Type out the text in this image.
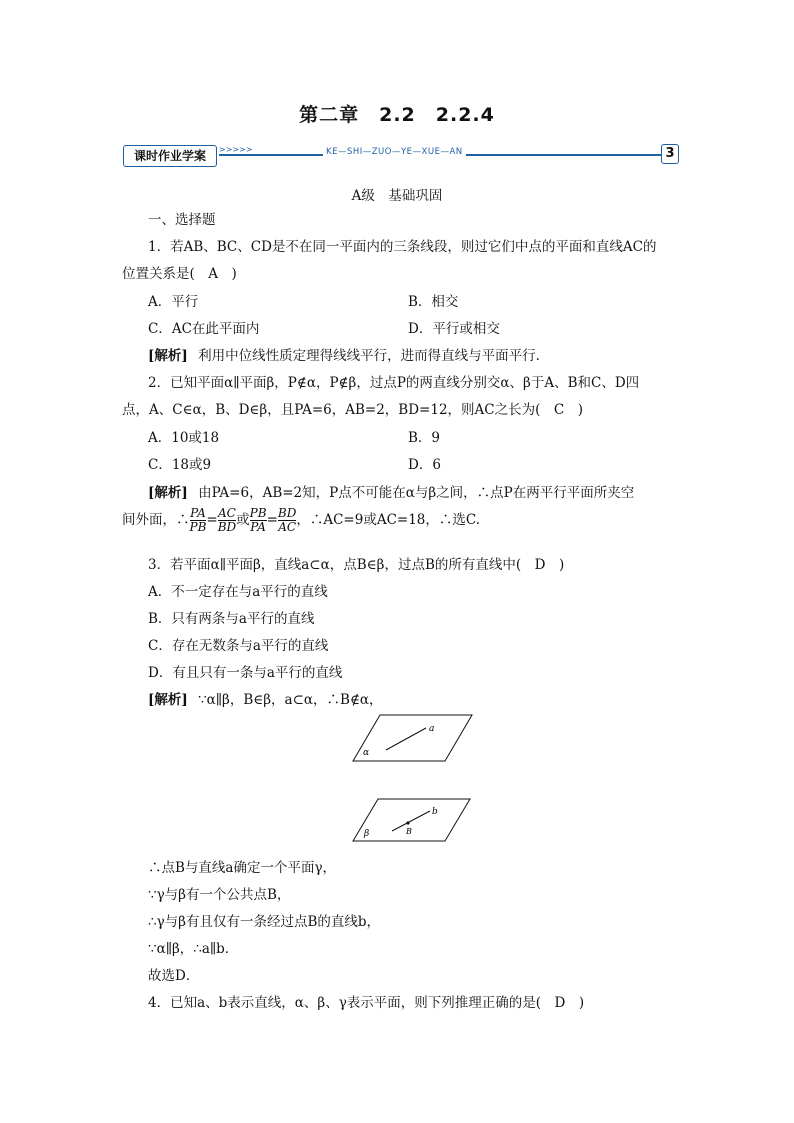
第二章　2.2　2.2.4
课时作业学案	>>>>>	KE—SHI—ZUO—YE—XUE—AN	3
A级　基础巩固
一、选择题
1．若AB、BC、CD是不在同一平面内的三条线段，则过它们中点的平面和直线AC的
位置关系是(　A　)
A．平行	B．相交
C．AC在此平面内	D．平行或相交
[解析] 利用中位线性质定理得线线平行，进而得直线与平面平行.
2．已知平面α∥平面β，P∉α，P∉β，过点P的两直线分别交α、β于A、B和C、D四
点，A、C∈α，B、D∈β，且PA=6，AB=2，BD=12，则AC之长为(　C　)
A．10或18	B．9
C．18或9	D．6
[解析] 由PA=6，AB=2知，P点不可能在α与β之间，∴点P在两平行平面所夹空
间外面，∴ $\frac{PA}{PB} = \frac{AC}{BD}$ 或 $\frac{PB}{PA} = \frac{BD}{AC}$ ，∴AC=9或AC=18，∴选C.
3．若平面α∥平面β，直线a⊂α，点B∈β，过点B的所有直线中(　D　)
A．不一定存在与a平行的直线
B．只有两条与a平行的直线
C．存在无数条与a平行的直线
D．有且只有一条与a平行的直线
[解析] ∵α∥β，B∈β，a⊂α，∴B∉α，
α
a
β
b
B
∴点B与直线a确定一个平面γ，
∵γ与β有一个公共点B，
∴γ与β有且仅有一条经过点B的直线b，
∵α∥β，∴a∥b．
故选D．
4．已知a、b表示直线，α、β、γ表示平面，则下列推理正确的是(　D　)
